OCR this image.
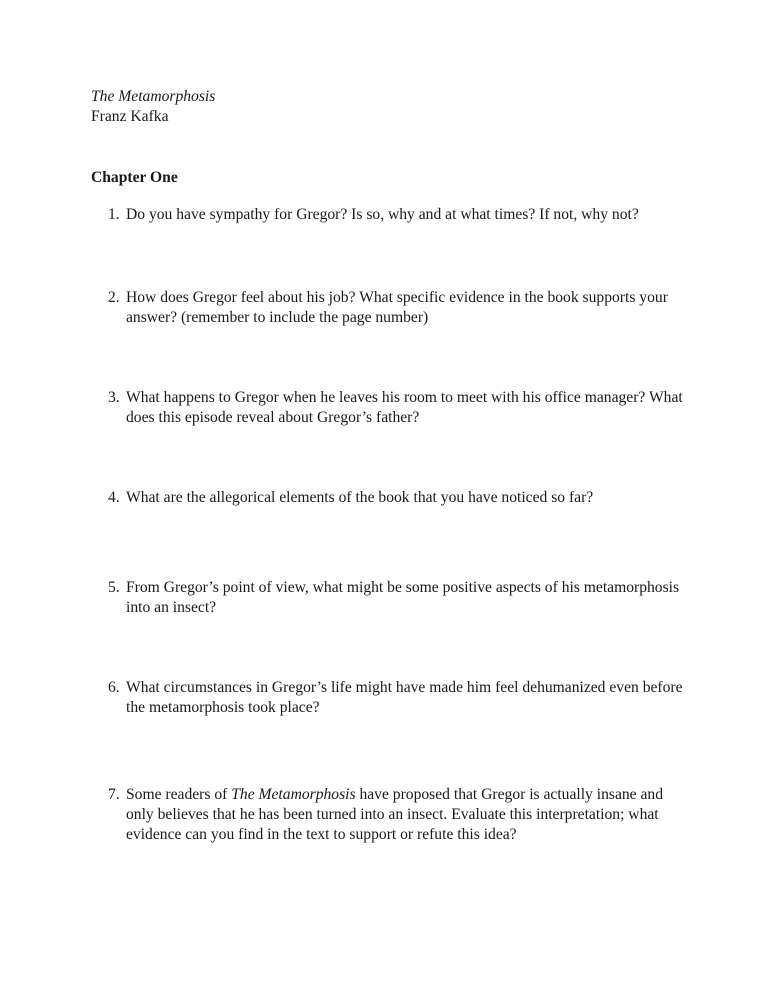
The Metamorphosis

Franz Kafka

Chapter One
1. Do you have sympathy for Gregor? Is so, why and at what times? If not, why not?
2. How does Gregor feel about his job? What specific evidence in the book supports your answer? (remember to include the page number)
3. What happens to Gregor when he leaves his room to meet with his office manager? What does this episode reveal about Gregor’s father?
4. What are the allegorical elements of the book that you have noticed so far?
5. From Gregor’s point of view, what might be some positive aspects of his metamorphosis into an insect?
6. What circumstances in Gregor’s life might have made him feel dehumanized even before the metamorphosis took place?
7. Some readers of The Metamorphosis have proposed that Gregor is actually insane and only believes that he has been turned into an insect. Evaluate this interpretation; what evidence can you find in the text to support or refute this idea?
